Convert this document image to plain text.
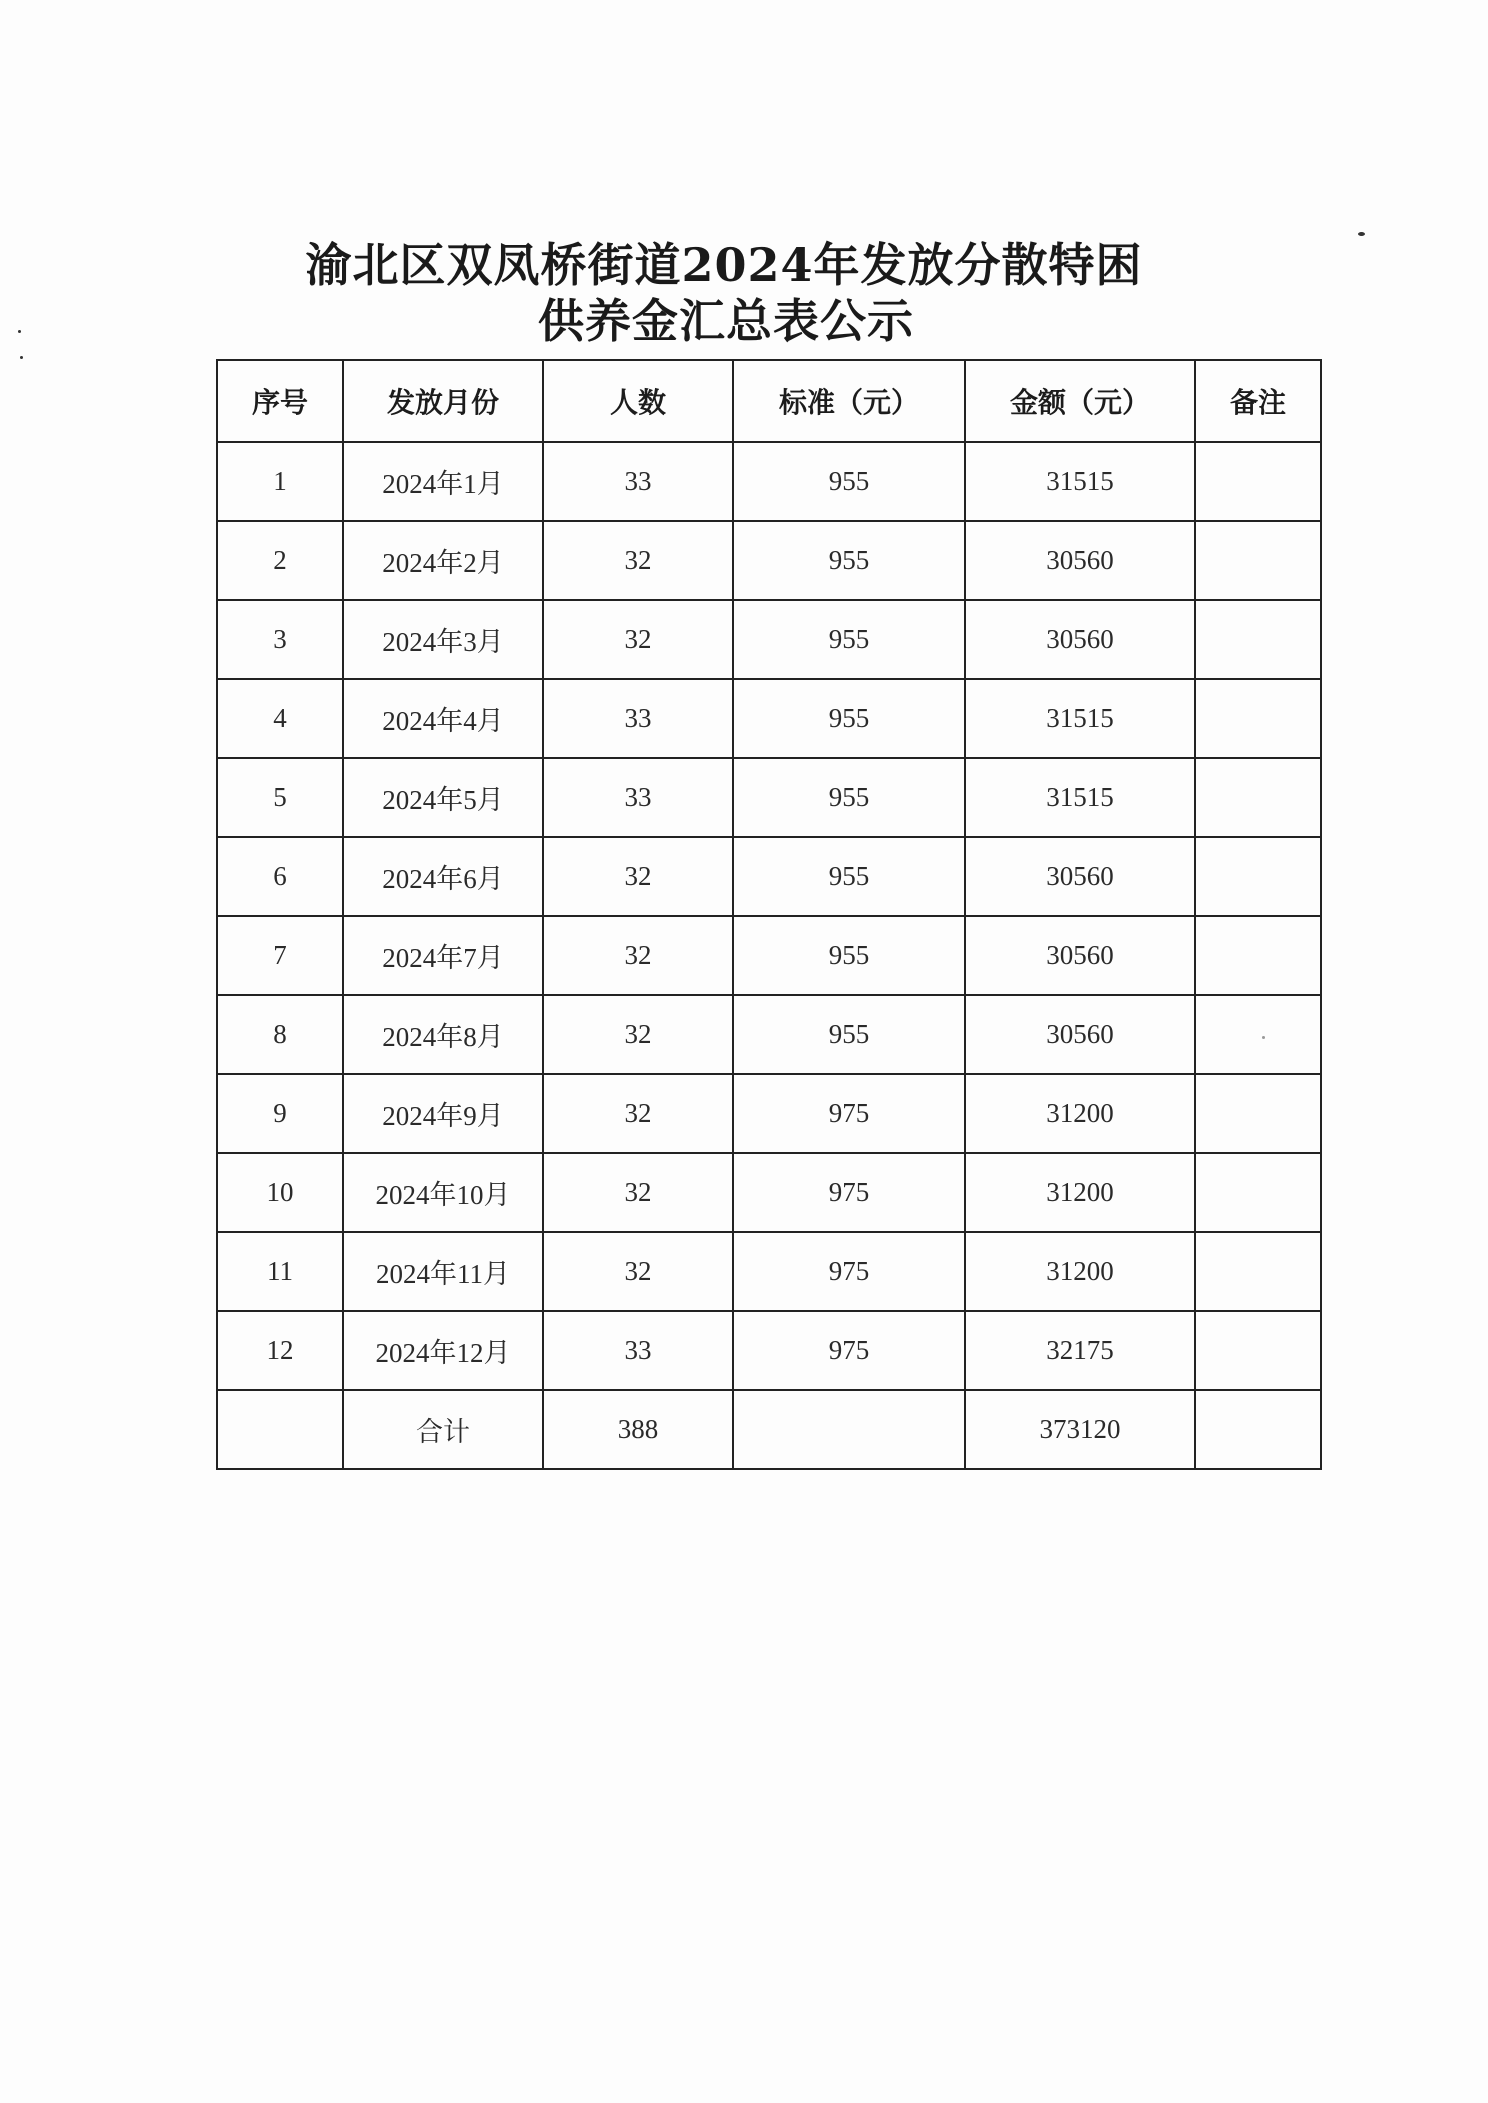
渝北区双凤桥街道2024年发放分散特困
供养金汇总表公示
序号	发放月份	人数	标准（元）	金额（元）	备注
1	2024年1月	33	955	31515	
2	2024年2月	32	955	30560	
3	2024年3月	32	955	30560	
4	2024年4月	33	955	31515	
5	2024年5月	33	955	31515	
6	2024年6月	32	955	30560	
7	2024年7月	32	955	30560	
8	2024年8月	32	955	30560	
9	2024年9月	32	975	31200	
10	2024年10月	32	975	31200	
11	2024年11月	32	975	31200	
12	2024年12月	33	975	32175	
	合计	388		373120	
